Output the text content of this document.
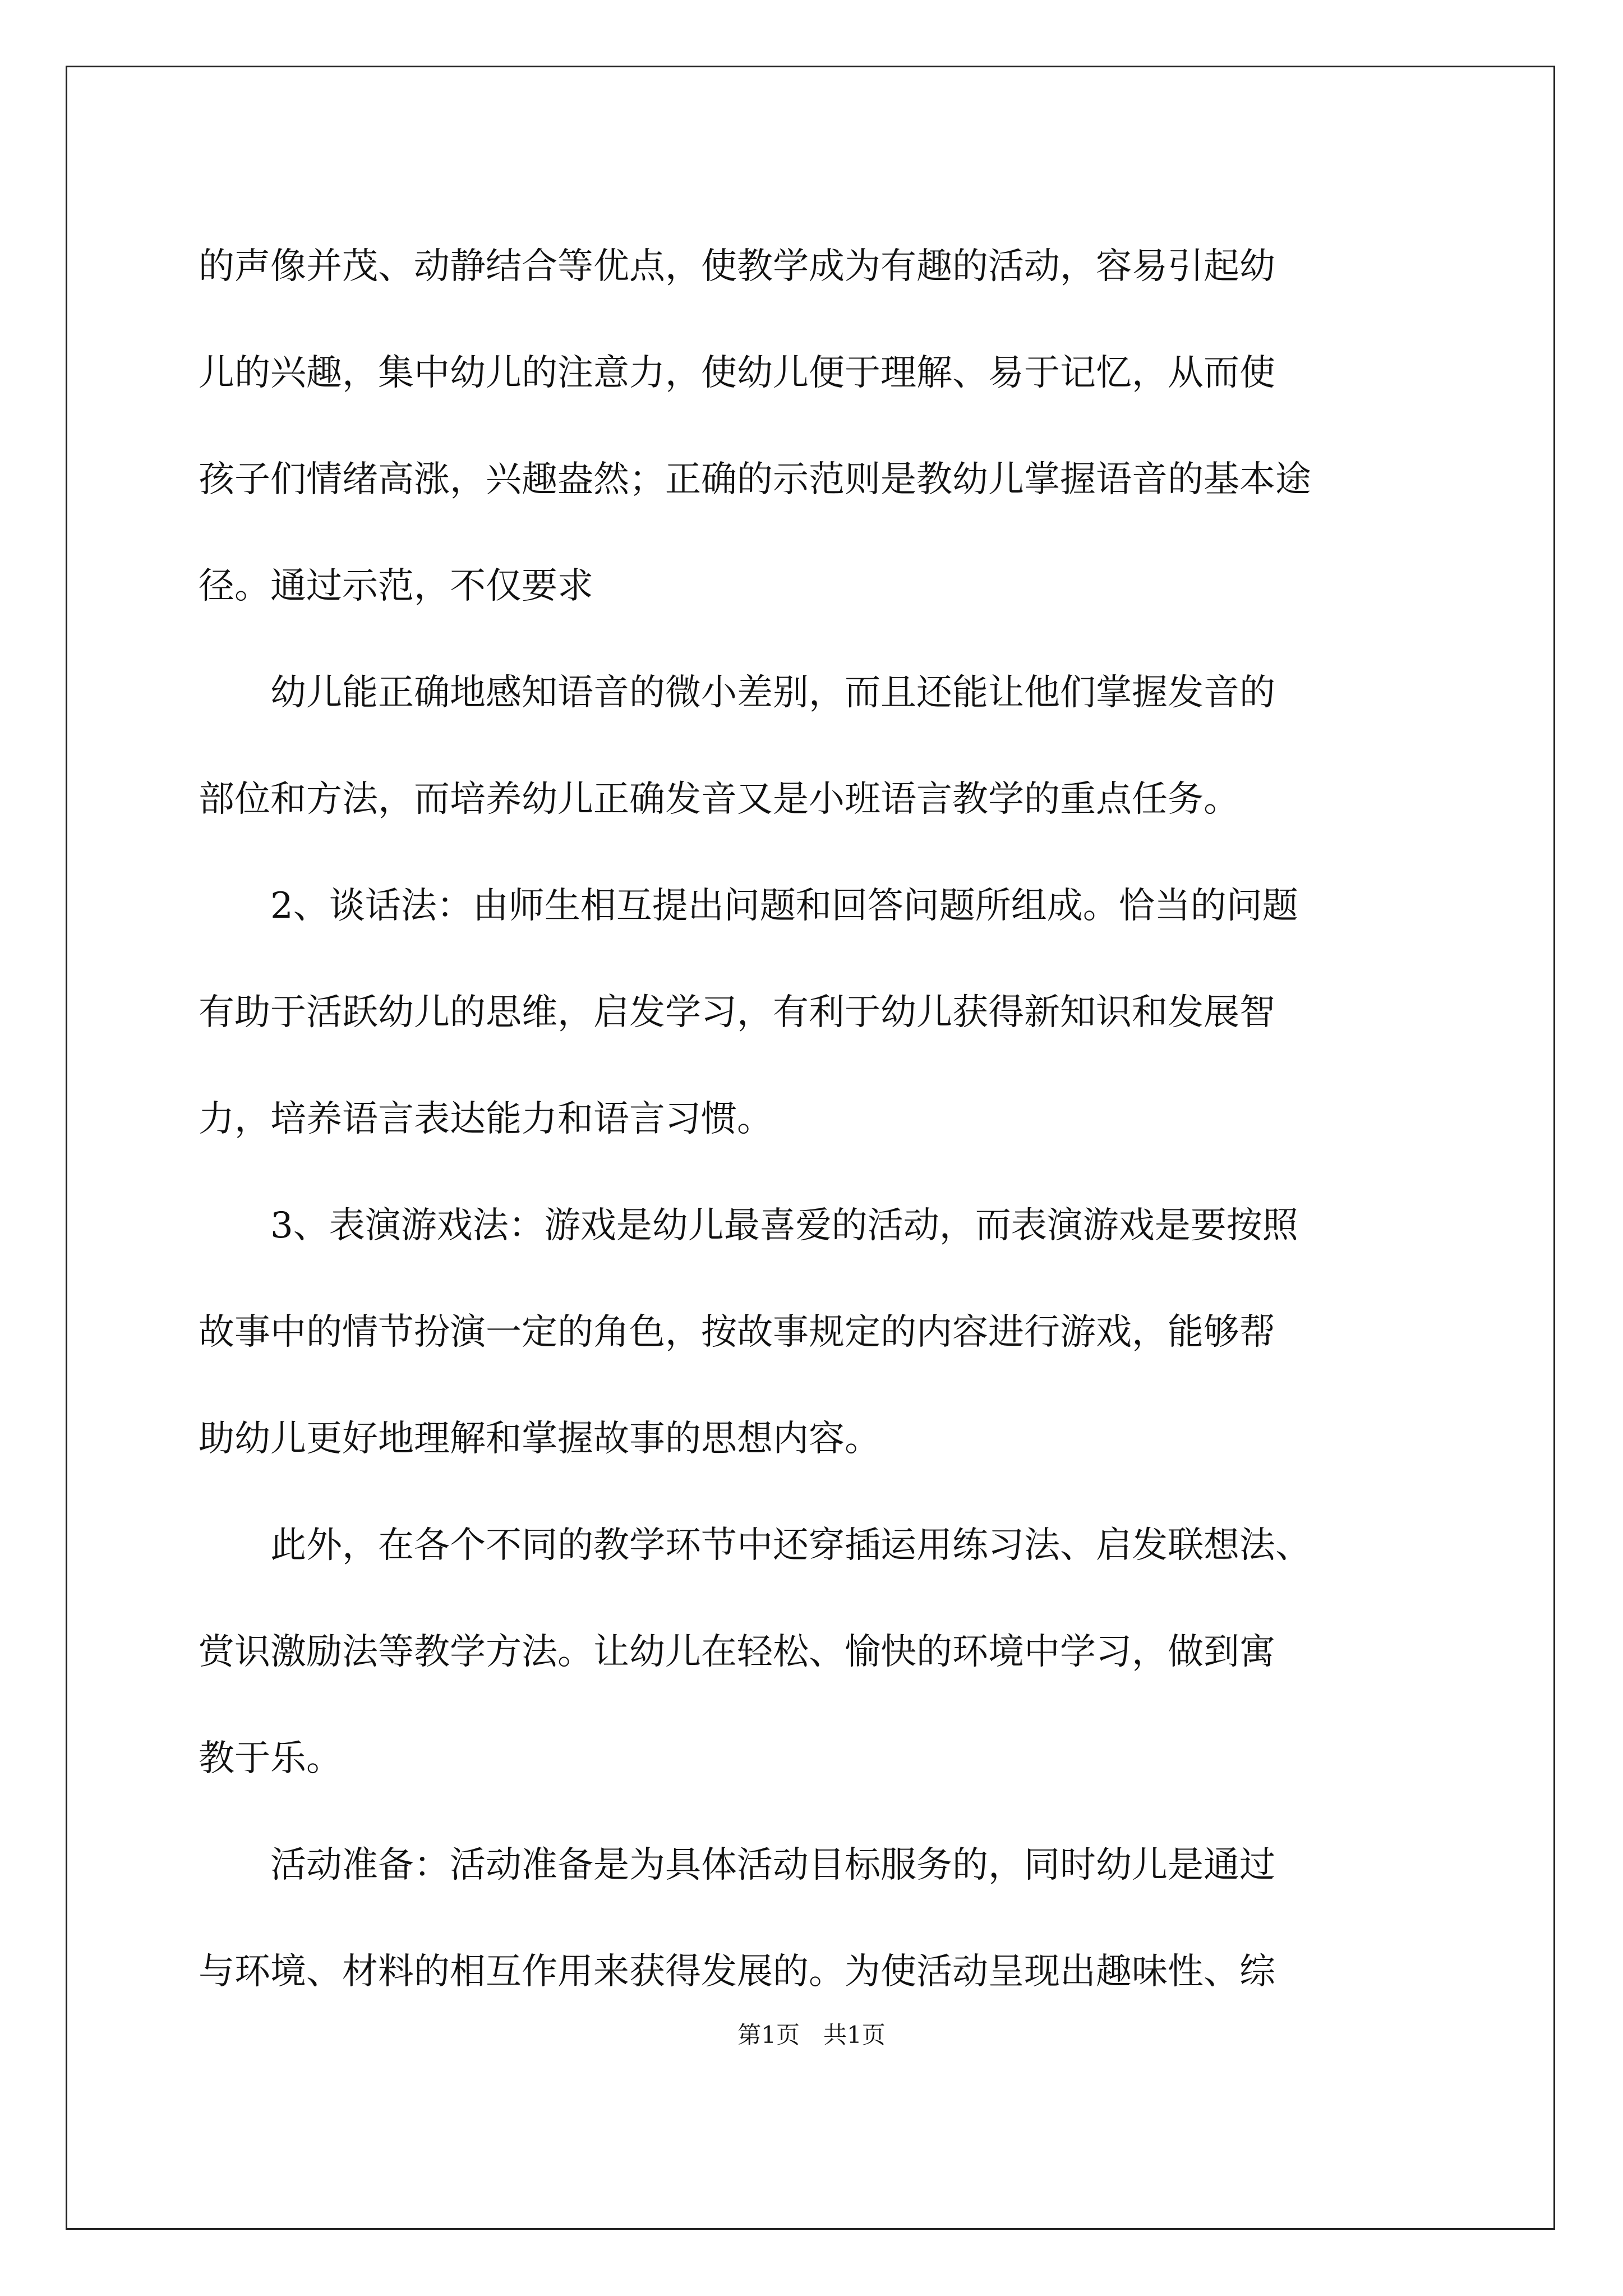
的声像并茂、动静结合等优点，使教学成为有趣的活动，容易引起幼
儿的兴趣，集中幼儿的注意力，使幼儿便于理解、易于记忆，从而使
孩子们情绪高涨，兴趣盎然；正确的示范则是教幼儿掌握语音的基本途
径。通过示范，不仅要求
　　幼儿能正确地感知语音的微小差别，而且还能让他们掌握发音的
部位和方法，而培养幼儿正确发音又是小班语言教学的重点任务。
　　2、谈话法：由师生相互提出问题和回答问题所组成。恰当的问题
有助于活跃幼儿的思维，启发学习，有利于幼儿获得新知识和发展智
力，培养语言表达能力和语言习惯。
　　3、表演游戏法：游戏是幼儿最喜爱的活动，而表演游戏是要按照
故事中的情节扮演一定的角色，按故事规定的内容进行游戏，能够帮
助幼儿更好地理解和掌握故事的思想内容。
　　此外，在各个不同的教学环节中还穿插运用练习法、启发联想法、
赏识激励法等教学方法。让幼儿在轻松、愉快的环境中学习，做到寓
教于乐。
　　活动准备：活动准备是为具体活动目标服务的，同时幼儿是通过
与环境、材料的相互作用来获得发展的。为使活动呈现出趣味性、综
第1页　共1页
